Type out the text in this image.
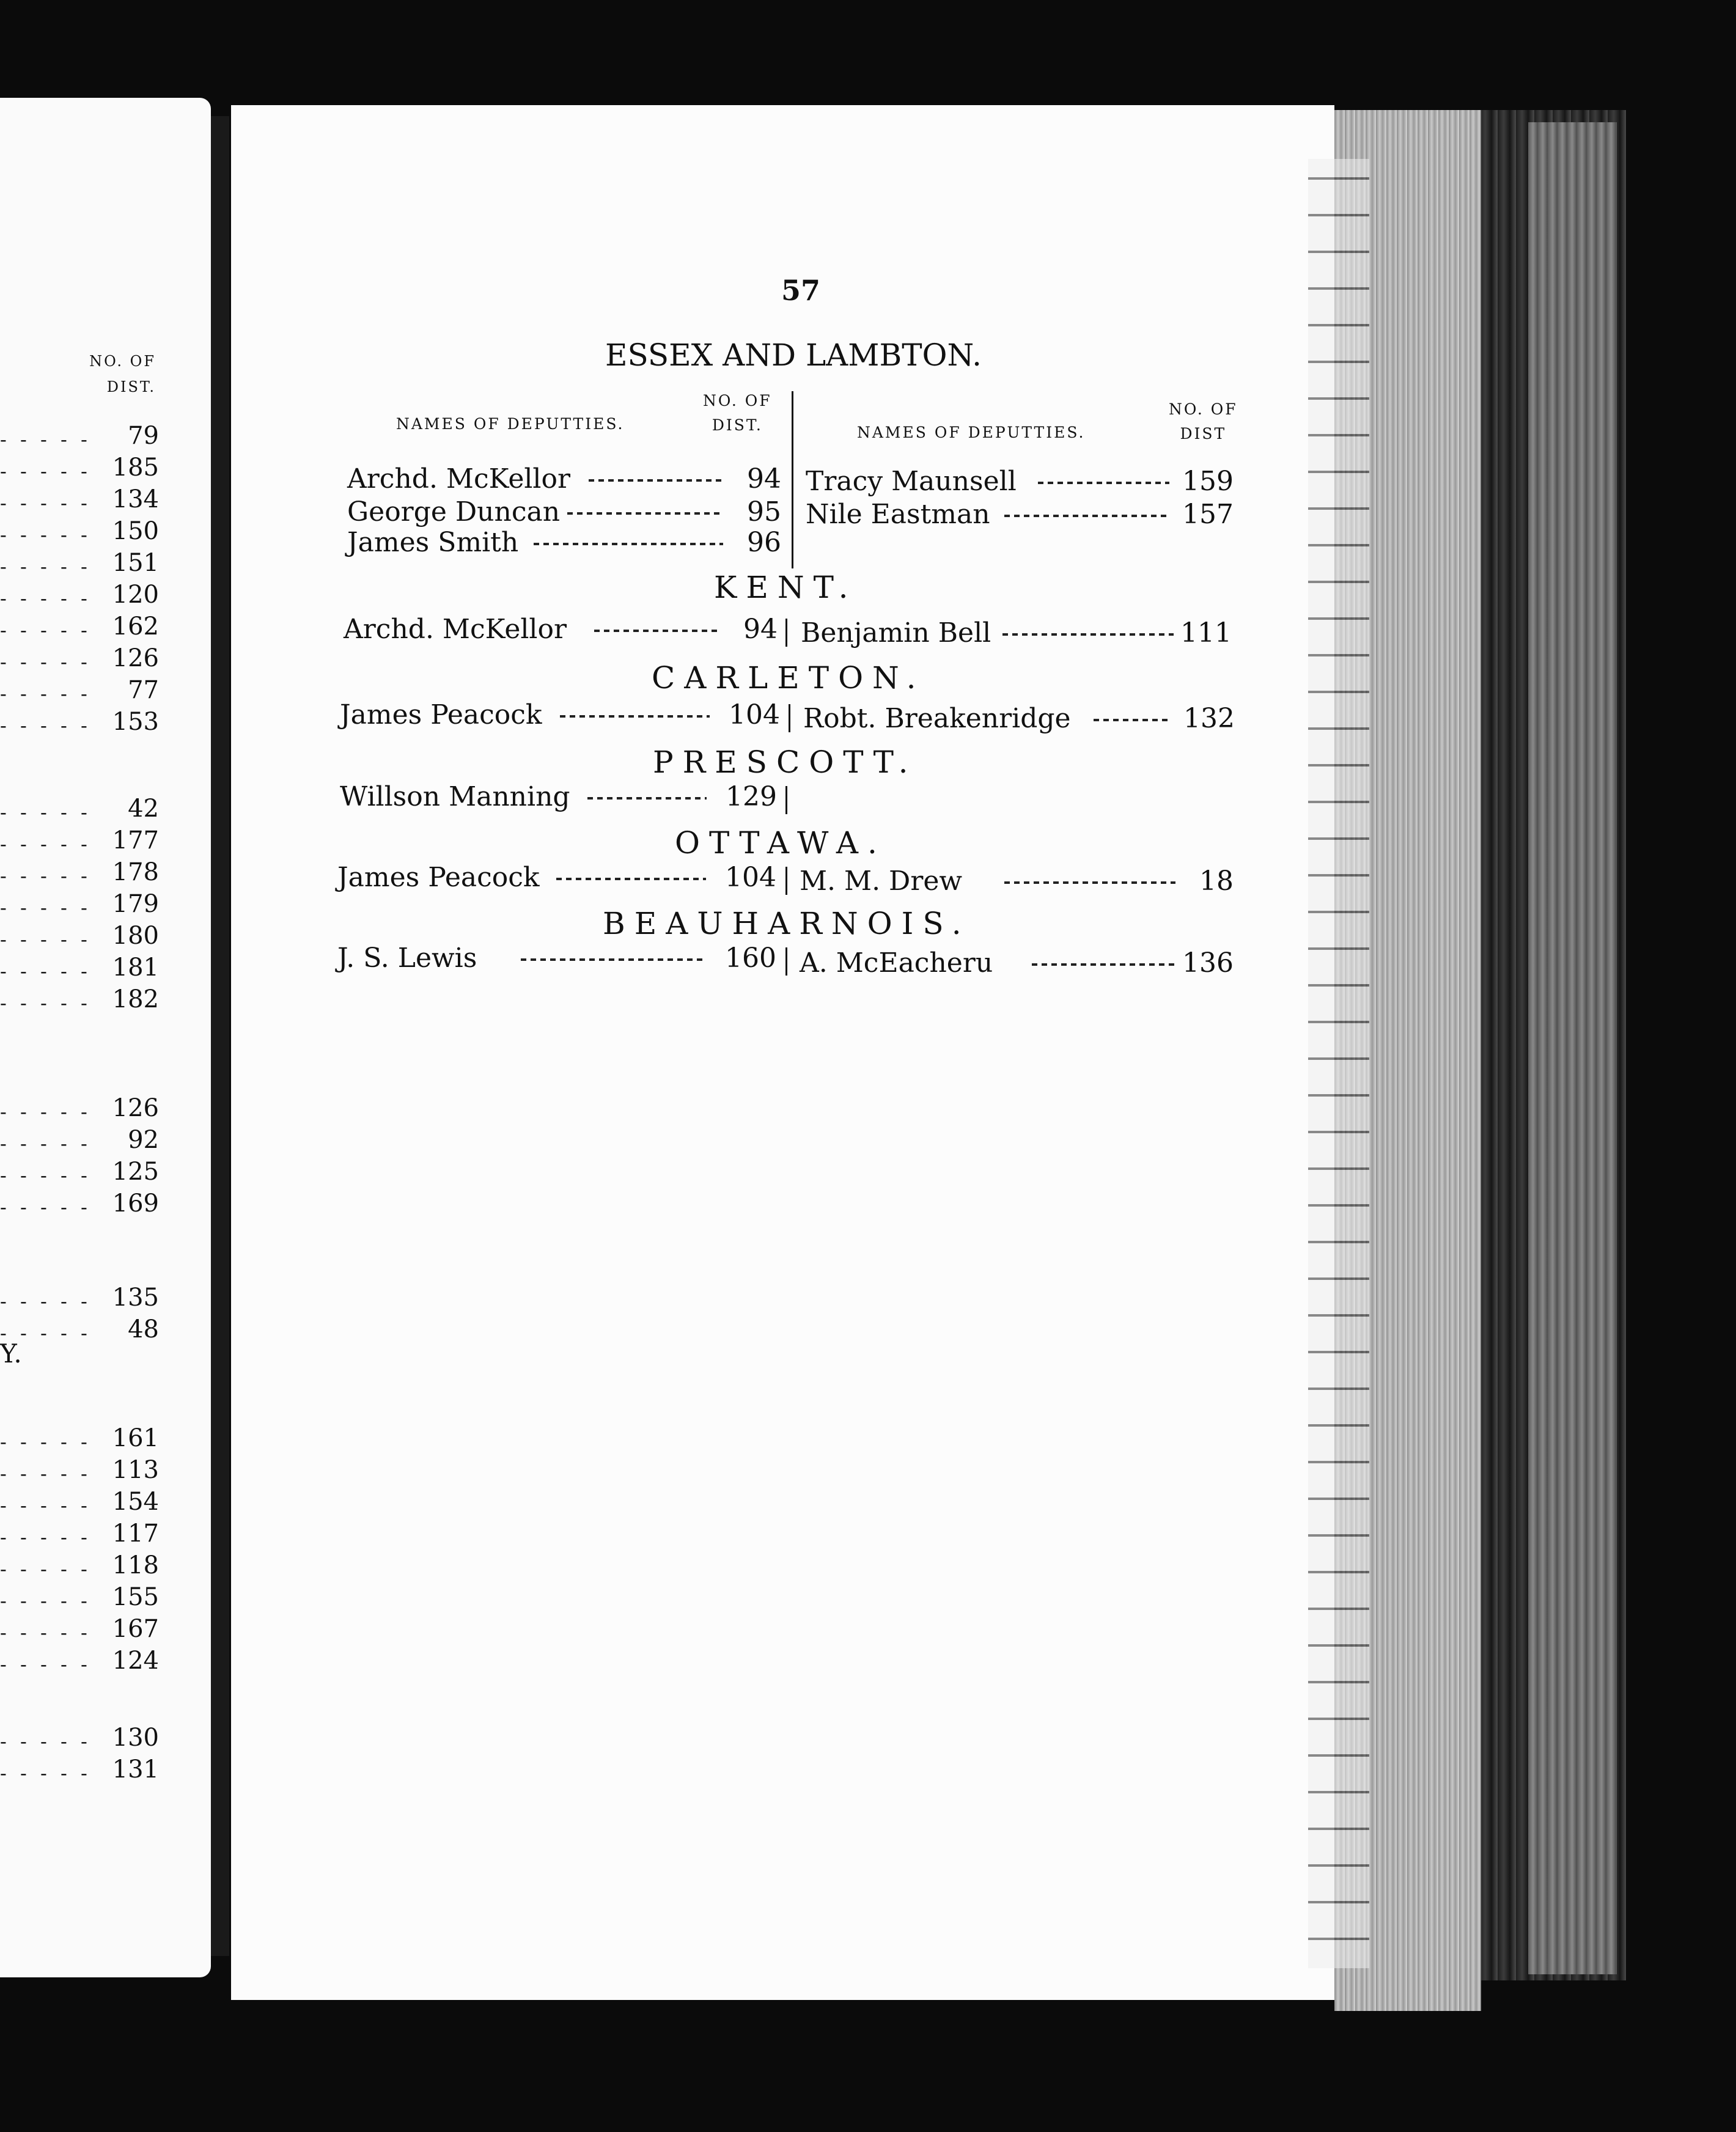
NO. OF
DIST.
- - - - - 79
- - - - - 185
- - - - - 134
- - - - - 150
- - - - - 151
- - - - - 120
- - - - - 162
- - - - - 126
- - - - - 77
- - - - - 153
- - - - - 42
- - - - - 177
- - - - - 178
- - - - - 179
- - - - - 180
- - - - - 181
- - - - - 182
- - - - - 126
- - - - - 92
- - - - - 125
- - - - - 169
- - - - - 135
- - - - - 48
- - - - - 161
- - - - - 113
- - - - - 154
- - - - - 117
- - - - - 118
- - - - - 155
- - - - - 167
- - - - - 124
- - - - - 130
- - - - - 131
Y.
57
NAMES OF DEPUTTIES.
NO. OF
DIST.	NAMES OF DEPUTTIES.
NO. OF
DIST
ESSEX AND LAMBTON.
KENT.
CARLETON.
PRESCOTT.
OTTAWA.
BEAUHARNOIS.
Archd. McKellor	94
George Duncan	95
James Smith	96
Tracy Maunsell	159
Nile Eastman	157
Archd. McKellor	94 Benjamin Bell	111
James Peacock	104 Robt. Breakenridge	132
Willson Manning	129
James Peacock	104 M. M. Drew	18
J. S. Lewis	160 A. McEacheru	136
